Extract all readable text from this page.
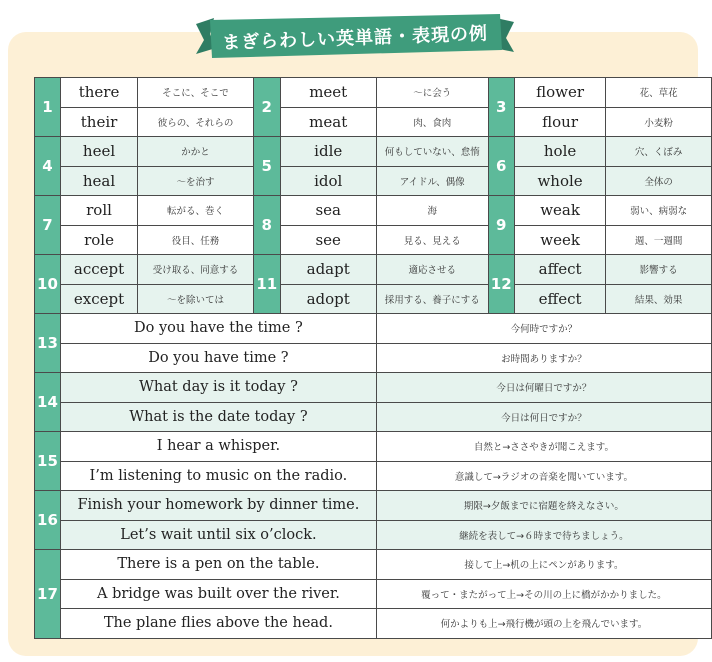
まぎらわしい英単語・表現の例
1	there	そこに、そこで	2	meet	～に会う	3	flower	花、草花
	their	彼らの、それらの		meat	肉、食肉		flour	小麦粉
4	heel	かかと	5	idle	何もしていない、怠惰	6	hole	穴、くぼみ
	heal	～を治す		idol	アイドル、偶像		whole	全体の
7	roll	転がる、巻く	8	sea	海	9	weak	弱い、病弱な
	role	役目、任務		see	見る、見える		week	週、一週間
10	accept	受け取る、同意する	11	adapt	適応させる	12	affect	影響する
	except	～を除いては		adopt	採用する、養子にする		effect	結果、効果
13	Do you have the time ?				今何時ですか？			
	Do you have time ?				お時間ありますか？			
14	What day is it today ?				今日は何曜日ですか？			
	What is the date today ?				今日は何日ですか？			
15	I hear a whisper.				自然と→ささやきが聞こえます。			
	I’m listening to music on the radio.				意識して→ラジオの音楽を聞いています。			
16	Finish your homework by dinner time.				期限→夕飯までに宿題を終えなさい。			
	Let’s wait until six o’clock.				継続を表して→６時まで待ちましょう。			
17	There is a pen on the table.				接して上→机の上にペンがあります。			
	A bridge was built over the river.				覆って・またがって上→その川の上に橋がかかりました。			
	The plane flies above the head.				何かよりも上→飛行機が頭の上を飛んでいます。			
